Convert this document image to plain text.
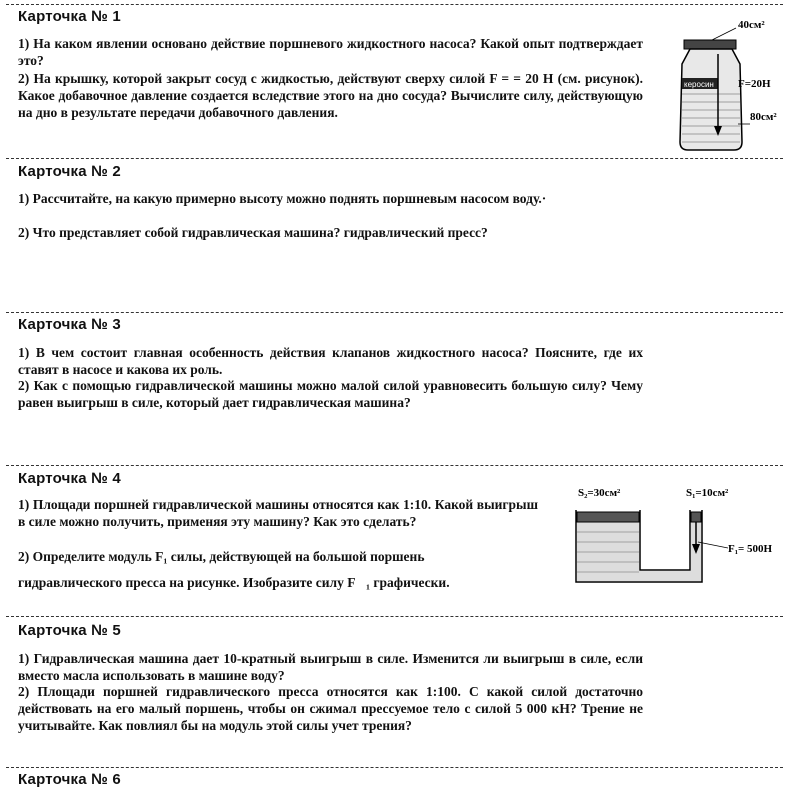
Карточка № 1
1) На каком явлении основано действие поршневого жидкостного насоса? Какой опыт подтверждает это?
2) На крышку, которой закрыт сосуд с жидкостью, действуют сверху силой F = = 20 Н (см. рисунок). Какое добавочное давление создается вследствие этого на дно сосуда? Вычислите силу, действующую на дно в результате передачи добавочного давления.
керосин
40см²
F=20Н
80см²
Карточка № 2
1) Рассчитайте, на какую примерно высоту можно поднять поршневым насосом воду.·
2) Что представляет собой гидравлическая машина? гидравлический пресс?
Карточка № 3
1) В чем состоит главная особенность действия клапанов жидкостного насоса? Поясните, где их ставят в насосе и какова их роль.
2) Как с помощью гидравлической машины можно малой силой уравновесить большую силу? Чему равен выигрыш в силе, который дает гидравлическая машина?
Карточка № 4
1) Площади поршней гидравлической машины относятся как 1:10. Какой выигрыш в силе можно получить, применяя эту машину? Как это сделать?
2) Определите модуль F₁ силы, действующей на большой поршень
гидравлического пресса на рисунке. Изобразите силу F⃗₁ графически.
S₂=30см²	S₁=10см²
F₁= 500Н
Карточка № 5
1) Гидравлическая машина дает 10-кратный выигрыш в силе. Изменится ли выигрыш в силе, если вместо масла использовать в машине воду?
2) Площади поршней гидравлического пресса относятся как 1:100. С какой силой достаточно действовать на его малый поршень, чтобы он сжимал прессуемое тело с силой 5 000 кН? Трение не учитывайте. Как повлиял бы на модуль этой силы учет трения?
Карточка № 6
